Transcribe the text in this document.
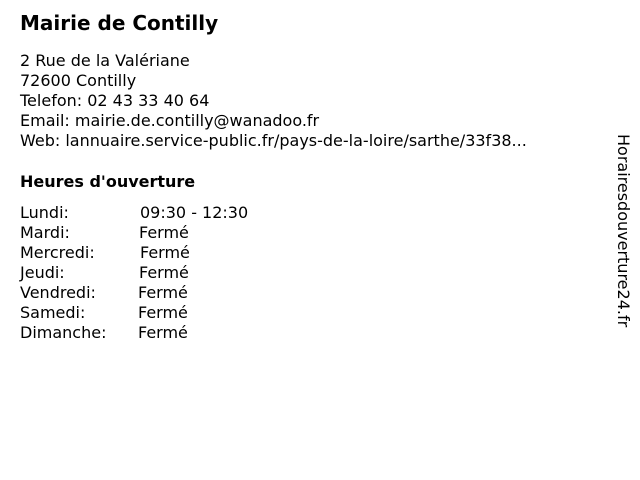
Mairie de Contilly
2 Rue de la Valériane
72600 Contilly
Telefon: 02 43 33 40 64
Email: mairie.de.contilly@wanadoo.fr
Web: lannuaire.service-public.fr/pays-de-la-loire/sarthe/33f38...
Heures d'ouverture
Lundi:	09:30 - 12:30
Mardi:	Fermé
Mercredi:	Fermé
Jeudi:	Fermé
Vendredi:	Fermé
Samedi:	Fermé
Dimanche: Fermé
Horairesdouverture24.fr
